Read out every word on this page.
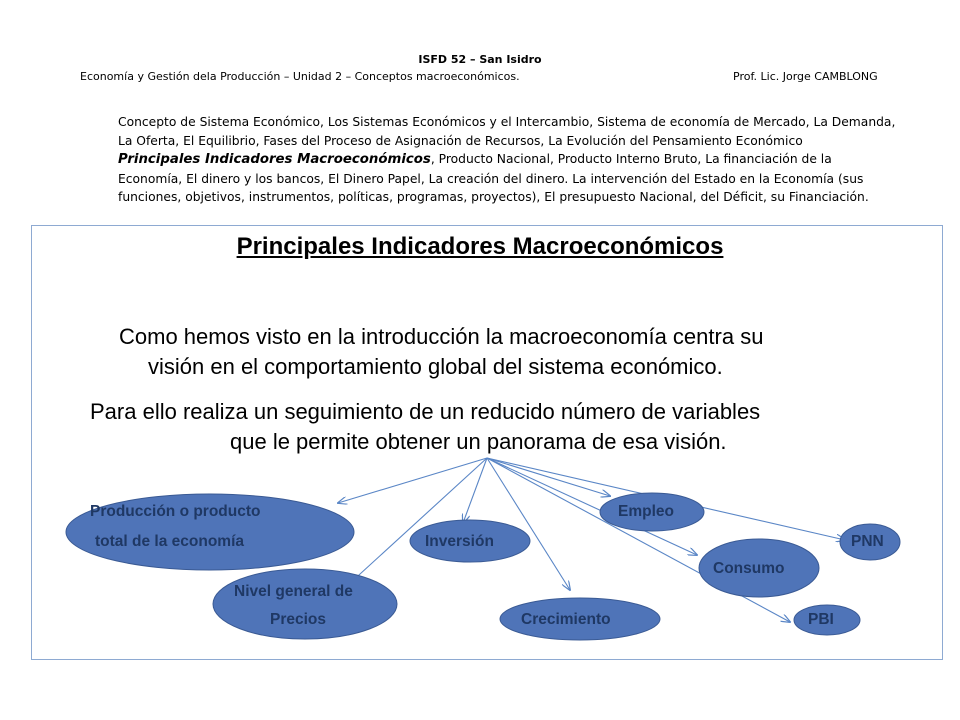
ISFD 52 – San Isidro
Economía y Gestión dela Producción – Unidad 2 – Conceptos macroeconómicos.	Prof. Lic. Jorge CAMBLONG
Concepto de Sistema Económico, Los Sistemas Económicos y el Intercambio, Sistema de economía de Mercado, La Demanda,
La Oferta, El Equilibrio, Fases del Proceso de Asignación de Recursos, La Evolución del Pensamiento Económico
Principales Indicadores Macroeconómicos, Producto Nacional, Producto Interno Bruto, La financiación de la
Economía, El dinero y los bancos, El Dinero Papel, La creación del dinero. La intervención del Estado en la Economía (sus
funciones, objetivos, instrumentos, políticas, programas, proyectos), El presupuesto Nacional, del Déficit, su Financiación.
Principales Indicadores Macroeconómicos
Como hemos visto en la introducción la macroeconomía centra su
visión en el comportamiento global del sistema económico.
Para ello realiza un seguimiento de un reducido número de variables
que le permite obtener un panorama de esa visión.
Producción o producto
total de la economía	Inversión
Empleo
PNN
Consumo
Nivel general de
Precios	Crecimiento	PBI
